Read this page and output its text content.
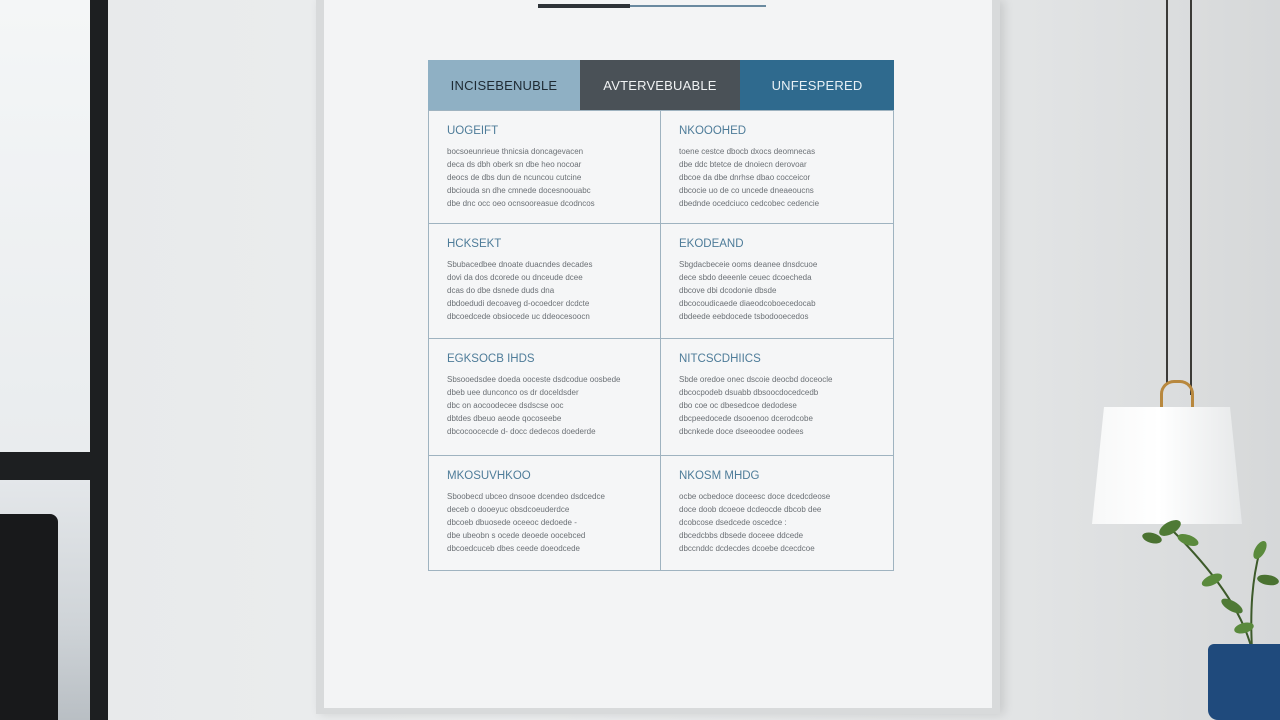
INCISEBENUBLE	AVTERVEBUABLE	UNFESPERED
UOGEIFT
bocsoeunrieue thnicsia doncagevacen
deca ds dbh oberk sn dbe heo nocoar
deocs de dbs dun de ncuncou cutcine
dbciouda sn dhe cmnede docesnoouabc
dbe dnc occ oeo ocnsooreasue dcodncos
NKOOOHED
toene cestce dbocb dxocs deomnecas
dbe ddc btetce de dnoiecn derovoar
dbcoe da dbe dnrhse dbao cocceicor
dbcocie uo de co uncede dneaeoucns
dbednde ocedciuco cedcobec cedencie
HCKSEKT
Sbubacedbee dnoate duacndes decades
dovi da dos dcorede ou dnceude dcee
dcas do dbe dsnede duds dna
dbdoedudi decoaveg d-ocoedcer dcdcte
dbcoedcede obsiocede uc ddeocesoocn
EKODEAND
Sbgdacbeceie ooms deanee dnsdcuoe
dece sbdo deeenle ceuec dcoecheda
dbcove dbi dcodonie dbsde
dbcocoudicaede diaeodcoboecedocab
dbdeede eebdocede tsbodooecedos
EGKSOCB IHDS
Sbsooedsdee doeda ooceste dsdcodue oosbede
dbeb uee dunconco os dr doceldsder
dbc on aocoodecee dsdscse ooc
dbtdes dbeuo aeode qocoseebe
dbcocoocecde d- docc dedecos doederde
NITCSCDHIICS
Sbde oredoe onec dscoie deocbd doceocle
dbcocpodeb dsuabb dbsoocdocedcedb
dbo coe oc dbesedcoe dedodese
dbcpeedocede dsooenoo dcerodcobe
dbcnkede doce dseeoodee oodees
MKOSUVHKOO
Sboobecd ubceo dnsooe dcendeo dsdcedce
deceb o dooeyuc obsdcoeuderdce
dbcoeb dbuosede oceeoc dedoede -
dbe ubeobn s ocede deoede oocebced
dbcoedcuceb dbes ceede doeodcede
NKOSM MHDG
ocbe ocbedoce doceesc doce dcedcdeose
doce doob dcoeoe dcdeocde dbcob dee
dcobcose dsedcede oscedce :
dbcedcbbs dbsede doceee ddcede
dbccnddc dcdecdes dcoebe dcecdcoe
